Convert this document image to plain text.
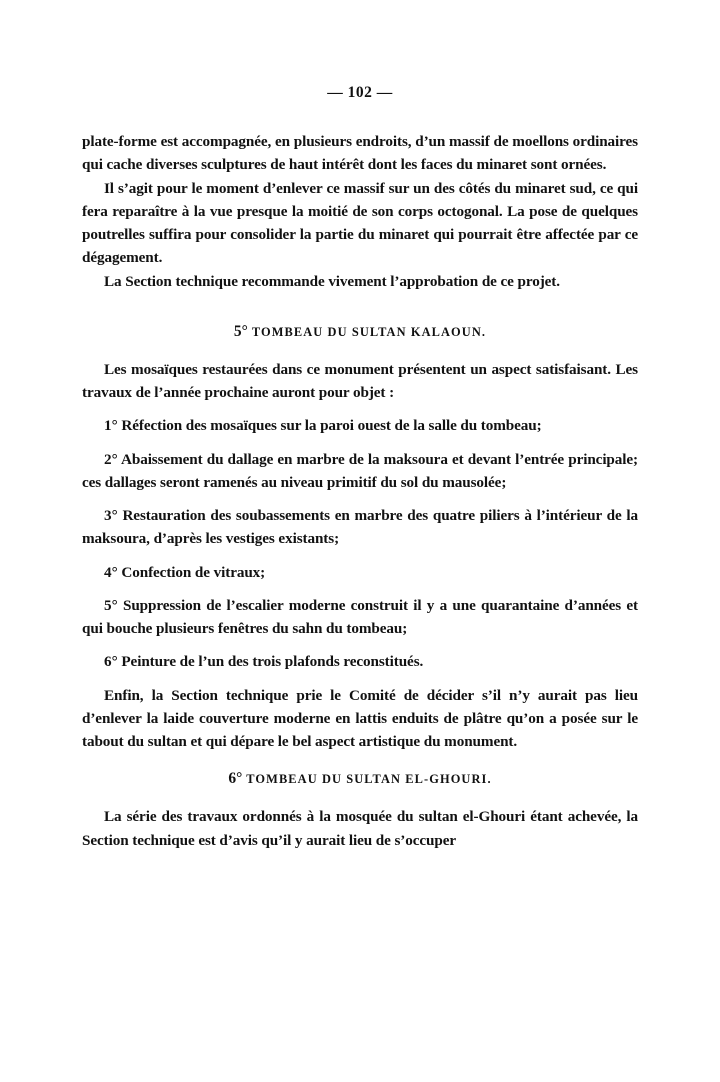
— 102 —

plate-forme est accompagnée, en plusieurs endroits, d’un massif de moellons ordinaires qui cache diverses sculptures de haut intérêt dont les faces du minaret sont ornées.

Il s’agit pour le moment d’enlever ce massif sur un des côtés du minaret sud, ce qui fera reparaître à la vue presque la moitié de son corps octogonal. La pose de quelques poutrelles suffira pour consolider la partie du minaret qui pourrait être affectée par ce dégagement.

La Section technique recommande vivement l’approbation de ce projet.

5° TOMBEAU DU SULTAN KALAOUN.

Les mosaïques restaurées dans ce monument présentent un aspect satisfaisant. Les travaux de l’année prochaine auront pour objet :

1° Réfection des mosaïques sur la paroi ouest de la salle du tombeau;

2° Abaissement du dallage en marbre de la maksoura et devant l’entrée principale; ces dallages seront ramenés au niveau primitif du sol du mausolée;

3° Restauration des soubassements en marbre des quatre piliers à l’intérieur de la maksoura, d’après les vestiges existants;

4° Confection de vitraux;

5° Suppression de l’escalier moderne construit il y a une quarantaine d’années et qui bouche plusieurs fenêtres du sahn du tombeau;

6° Peinture de l’un des trois plafonds reconstitués.

Enfin, la Section technique prie le Comité de décider s’il n’y aurait pas lieu d’enlever la laide couverture moderne en lattis enduits de plâtre qu’on a posée sur le tabout du sultan et qui dépare le bel aspect artistique du monument.

6° TOMBEAU DU SULTAN EL-GHOURI.

La série des travaux ordonnés à la mosquée du sultan el-Ghouri étant achevée, la Section technique est d’avis qu’il y aurait lieu de s’occuper
